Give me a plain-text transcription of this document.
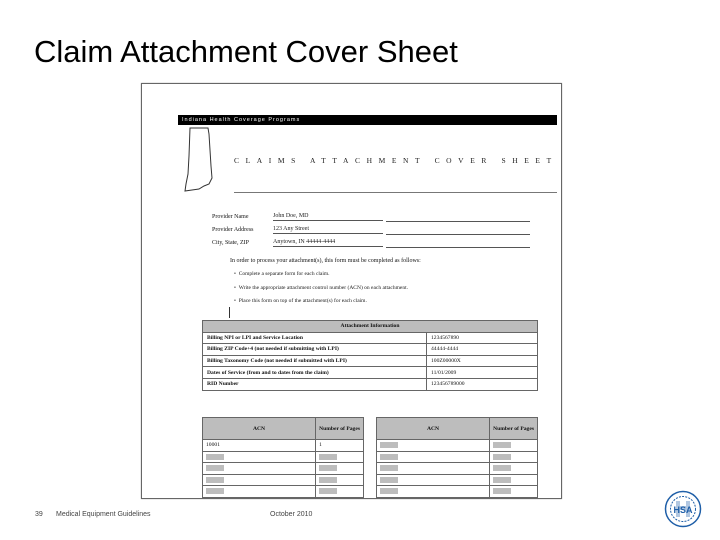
Claim Attachment Cover Sheet
Indiana Health Coverage Programs
CLAIMS ATTACHMENT COVER SHEET
Provider Name	John Doe, MD
Provider Address	123 Any Street
City, State, ZIP	Anytown, IN 44444-4444
In order to process your attachment(s), this form must be completed as follows:
•  Complete a separate form for each claim.
•  Write the appropriate attachment control number (ACN) on each attachment.
•  Place this form on top of the attachment(s) for each claim.
Attachment Information	
Billing NPI or LPI and Service Location	1234567890
Billing ZIP Code+4 (not needed if submitting with LPI)	44444-4444
Billing Taxonomy Code (not needed if submitted with LPI)	100Z00000X
Dates of Service (from and to dates from the claim)	11/01/2009
RID Number	123456789000
ACN	Number of Pages
10001	1

ACN	Number of Pages

39 Medical Equipment Guidelines	October 2010	HSA
